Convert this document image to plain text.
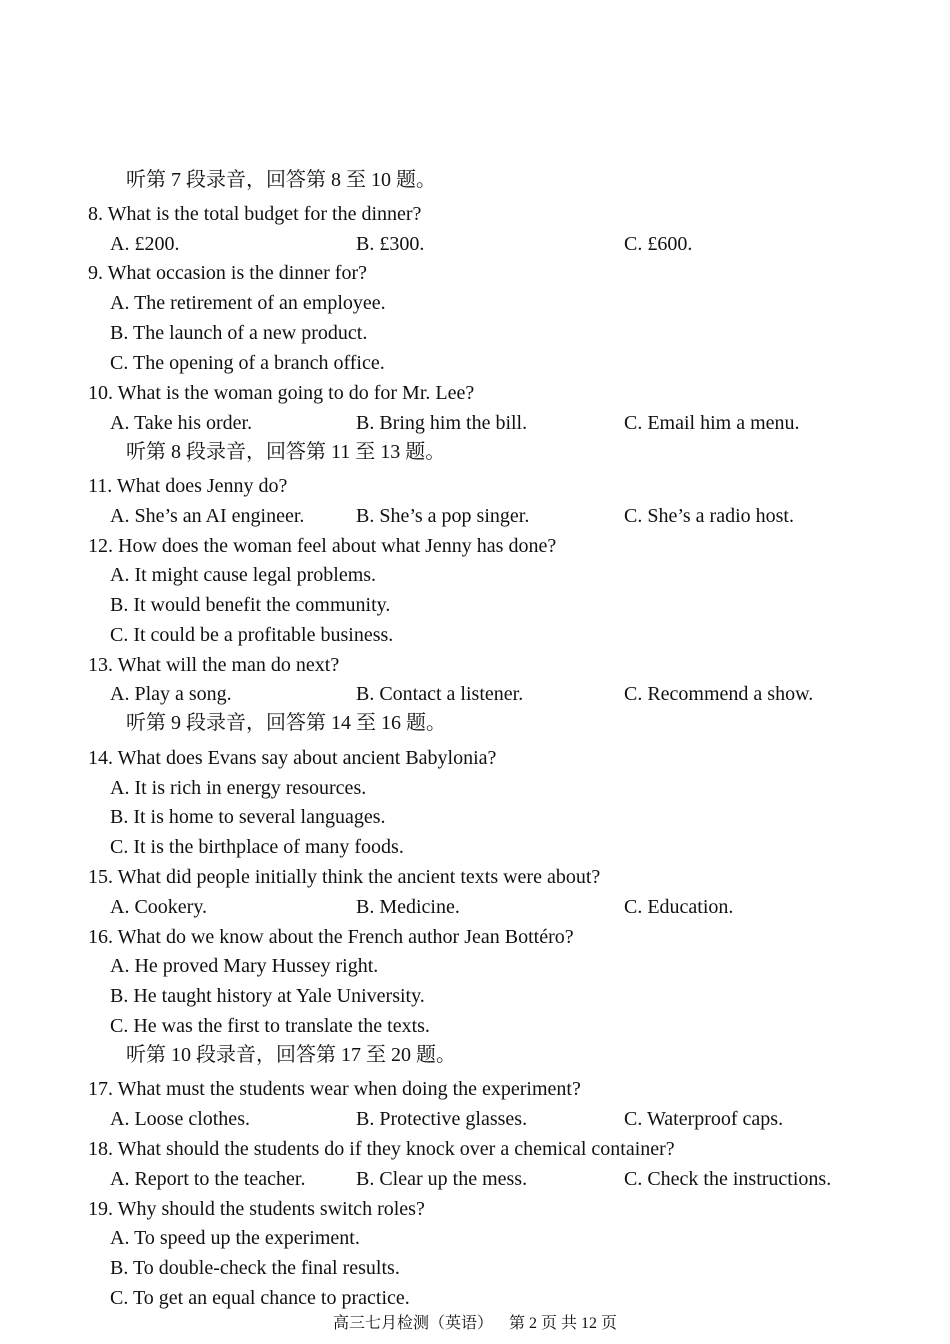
听第 7 段录音，回答第 8 至 10 题。
8. What is the total budget for the dinner?
A. £200.	B. £300.	C. £600.
9. What occasion is the dinner for?
A. The retirement of an employee.
B. The launch of a new product.
C. The opening of a branch office.
10. What is the woman going to do for Mr. Lee?
A. Take his order.	B. Bring him the bill.	C. Email him a menu.
听第 8 段录音，回答第 11 至 13 题。
11. What does Jenny do?
A. She’s an AI engineer.	B. She’s a pop singer.	C. She’s a radio host.
12. How does the woman feel about what Jenny has done?
A. It might cause legal problems.
B. It would benefit the community.
C. It could be a profitable business.
13. What will the man do next?
A. Play a song.	B. Contact a listener.	C. Recommend a show.
听第 9 段录音，回答第 14 至 16 题。
14. What does Evans say about ancient Babylonia?
A. It is rich in energy resources.
B. It is home to several languages.
C. It is the birthplace of many foods.
15. What did people initially think the ancient texts were about?
A. Cookery.	B. Medicine.	C. Education.
16. What do we know about the French author Jean Bottéro?
A. He proved Mary Hussey right.
B. He taught history at Yale University.
C. He was the first to translate the texts.
听第 10 段录音，回答第 17 至 20 题。
17. What must the students wear when doing the experiment?
A. Loose clothes.	B. Protective glasses.	C. Waterproof caps.
18. What should the students do if they knock over a chemical container?
A. Report to the teacher.	B. Clear up the mess.	C. Check the instructions.
19. Why should the students switch roles?
A. To speed up the experiment.
B. To double-check the final results.
C. To get an equal chance to practice.
高三七月检测（英语）    第 2 页 共 12 页
